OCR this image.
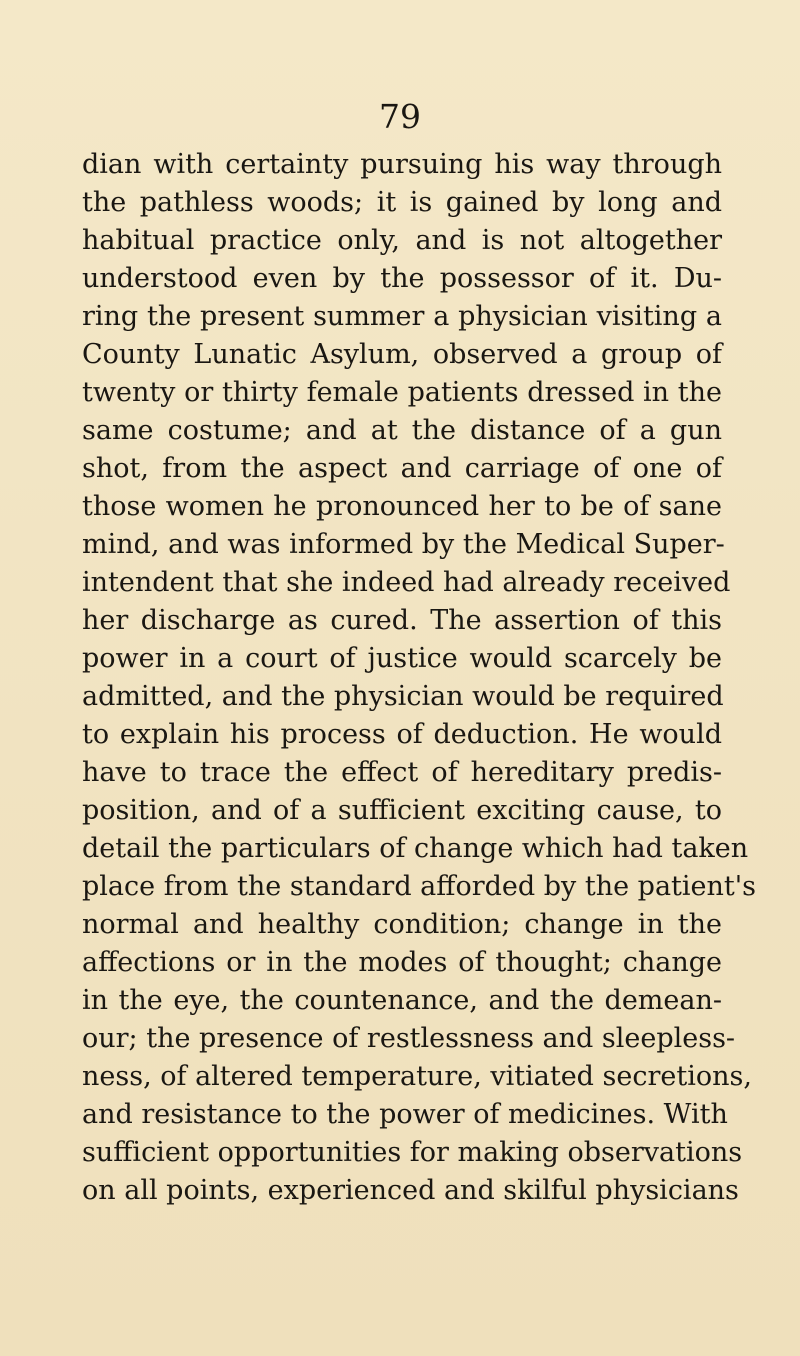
79
dian with certainty pursuing his way through
the pathless woods; it is gained by long and
habitual practice only, and is not altogether
understood even by the possessor of it. Du-
ring the present summer a physician visiting a
County Lunatic Asylum, observed a group of
twenty or thirty female patients dressed in the
same costume; and at the distance of a gun
shot, from the aspect and carriage of one of
those women he pronounced her to be of sane
mind, and was informed by the Medical Super-
intendent that she indeed had already received
her discharge as cured. The assertion of this
power in a court of justice would scarcely be
admitted, and the physician would be required
to explain his process of deduction. He would
have to trace the effect of hereditary predis-
position, and of a sufficient exciting cause, to
detail the particulars of change which had taken
place from the standard afforded by the patient's
normal and healthy condition; change in the
affections or in the modes of thought; change
in the eye, the countenance, and the demean-
our; the presence of restlessness and sleepless-
ness, of altered temperature, vitiated secretions,
and resistance to the power of medicines. With
sufficient opportunities for making observations
on all points, experienced and skilful physicians
